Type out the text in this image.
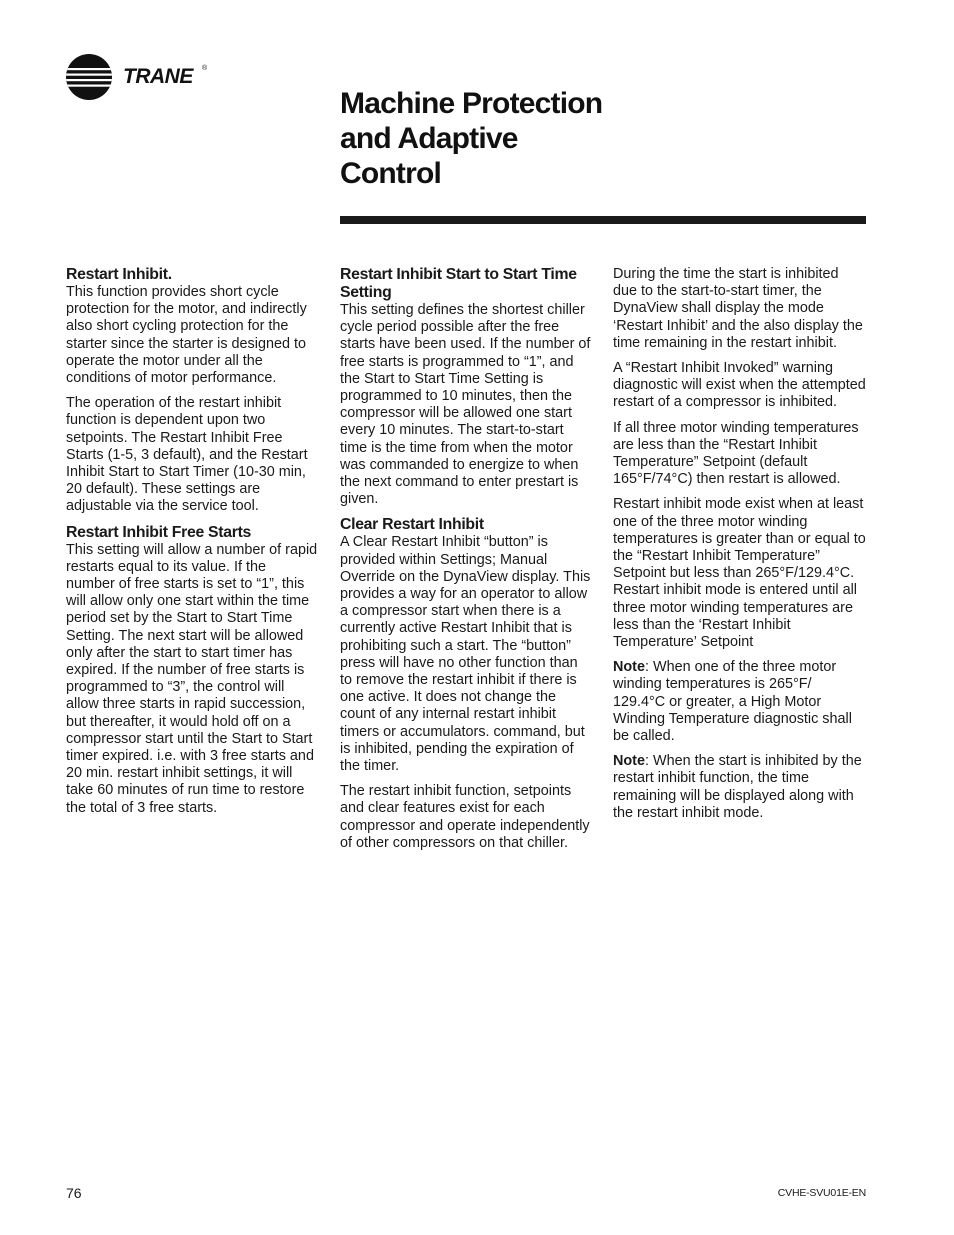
TRANE ®
Machine Protection
and Adaptive
Control
Restart Inhibit.

This function provides short cycle protection for the motor, and indirectly also short cycling protection for the starter since the starter is designed to operate the motor under all the conditions of motor performance.

The operation of the restart inhibit function is dependent upon two setpoints. The Restart Inhibit Free Starts (1-5, 3 default), and the Restart Inhibit Start to Start Timer (10-30 min, 20 default). These settings are adjustable via the service tool.

Restart Inhibit Free Starts

This setting will allow a number of rapid restarts equal to its value. If the number of free starts is set to “1”, this will allow only one start within the time period set by the Start to Start Time Setting. The next start will be allowed only after the start to start timer has expired. If the number of free starts is programmed to “3”, the control will allow three starts in rapid succession, but thereafter, it would hold off on a compressor start until the Start to Start timer expired. i.e. with 3 free starts and 20 min. restart inhibit settings, it will take 60 minutes of run time to restore the total of 3 free starts.

Restart Inhibit Start to Start Time Setting

This setting defines the shortest chiller cycle period possible after the free starts have been used. If the number of free starts is programmed to “1”, and the Start to Start Time Setting is programmed to 10 minutes, then the compressor will be allowed one start every 10 minutes. The start-to-start time is the time from when the motor was commanded to energize to when the next command to enter prestart is given.

Clear Restart Inhibit

A Clear Restart Inhibit “button” is provided within Settings; Manual Override on the DynaView display. This provides a way for an operator to allow a compressor start when there is a currently active Restart Inhibit that is prohibiting such a start. The “button” press will have no other function than to remove the restart inhibit if there is one active. It does not change the count of any internal restart inhibit timers or accumulators. command, but is inhibited, pending the expiration of the timer.

The restart inhibit function, setpoints and clear features exist for each compressor and operate independently of other compressors on that chiller.

During the time the start is inhibited due to the start-to-start timer, the DynaView shall display the mode ‘Restart Inhibit’ and the also display the time remaining in the restart inhibit.

A “Restart Inhibit Invoked” warning diagnostic will exist when the attempted restart of a compressor is inhibited.

If all three motor winding temperatures are less than the “Restart Inhibit Temperature” Setpoint (default 165°F/74°C) then restart is allowed.

Restart inhibit mode exist when at least one of the three motor winding temperatures is greater than or equal to the “Restart Inhibit Temperature” Setpoint but less than 265°F/129.4°C. Restart inhibit mode is entered until all three motor winding temperatures are less than the ‘Restart Inhibit Temperature’ Setpoint

Note: When one of the three motor winding temperatures is 265°F/ 129.4°C or greater, a High Motor Winding Temperature diagnostic shall be called.

Note: When the start is inhibited by the restart inhibit function, the time remaining will be displayed along with the restart inhibit mode.

76	CVHE-SVU01E-EN
